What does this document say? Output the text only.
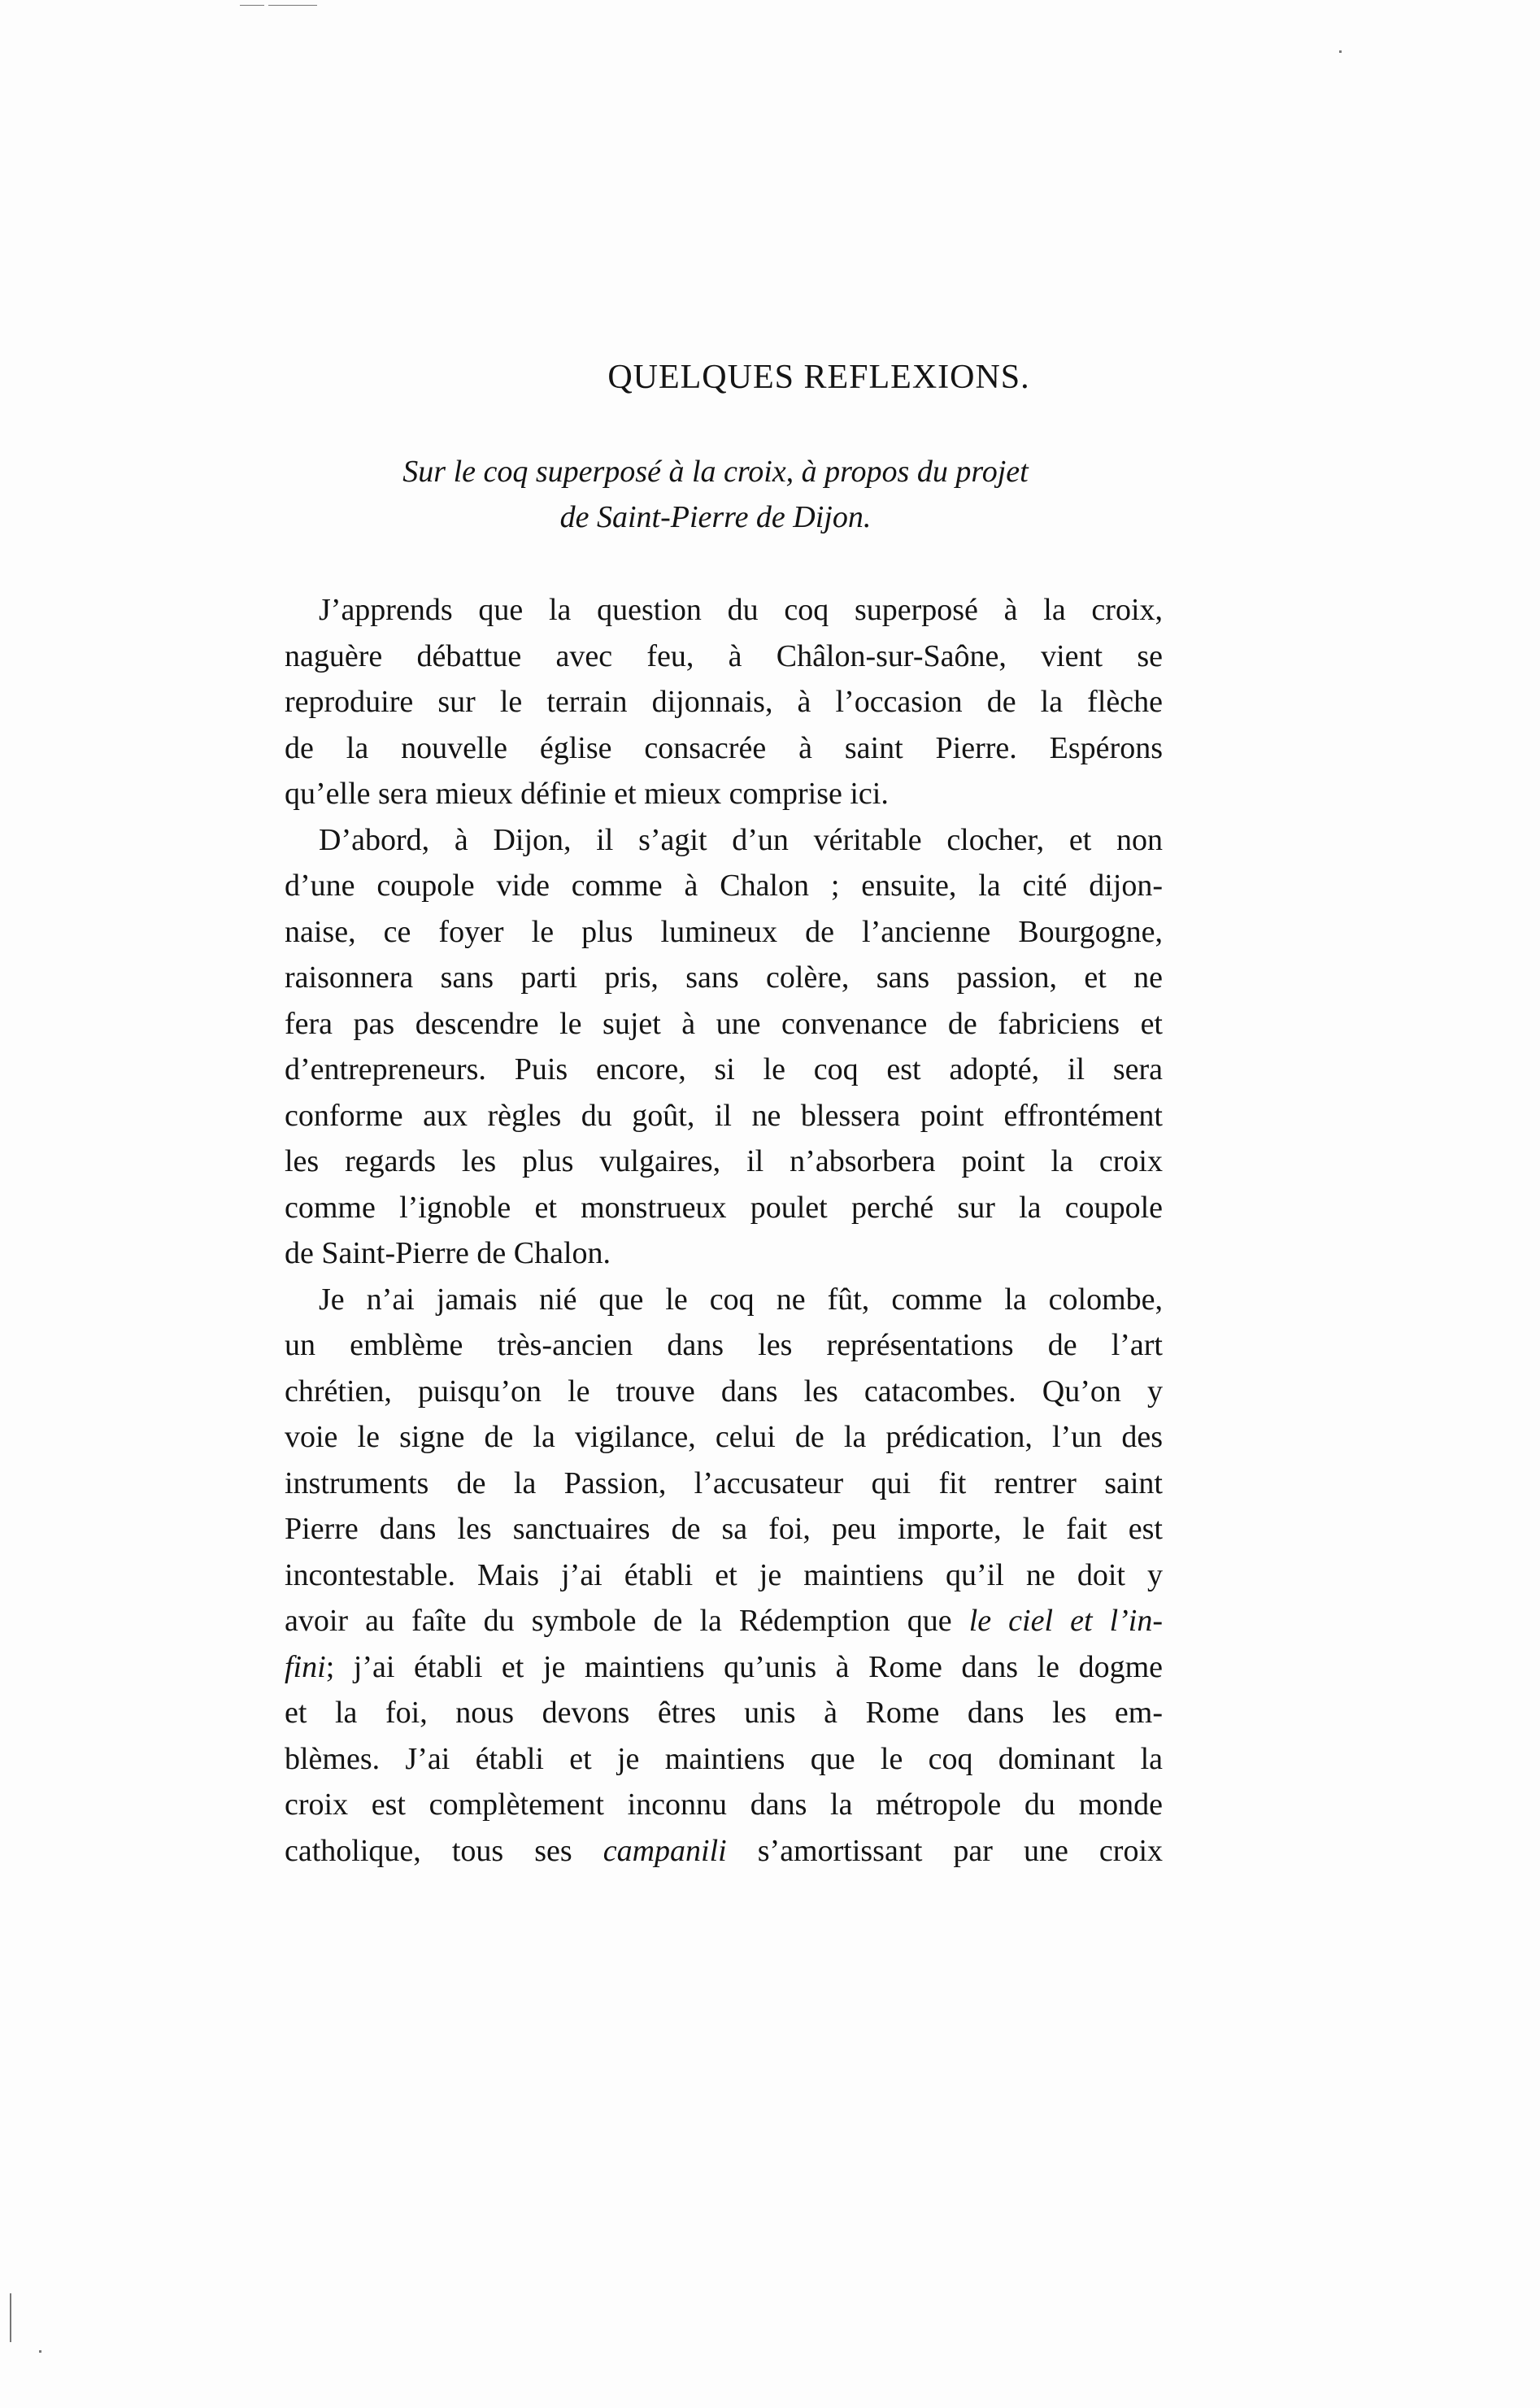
QUELQUES REFLEXIONS.
Sur le coq superposé à la croix, à propos du projet
de Saint-Pierre de Dijon.
J’apprends que la question du coq superposé à la croix,
naguère débattue avec feu, à Châlon-sur-Saône, vient se
reproduire sur le terrain dijonnais, à l’occasion de la flèche
de la nouvelle église consacrée à saint Pierre. Espérons
qu’elle sera mieux définie et mieux comprise ici.
D’abord, à Dijon, il s’agit d’un véritable clocher, et non
d’une coupole vide comme à Chalon ; ensuite, la cité dijon-
naise, ce foyer le plus lumineux de l’ancienne Bourgogne,
raisonnera sans parti pris, sans colère, sans passion, et ne
fera pas descendre le sujet à une convenance de fabriciens et
d’entrepreneurs. Puis encore, si le coq est adopté, il sera
conforme aux règles du goût, il ne blessera point effrontément
les regards les plus vulgaires, il n’absorbera point la croix
comme l’ignoble et monstrueux poulet perché sur la coupole
de Saint-Pierre de Chalon.
Je n’ai jamais nié que le coq ne fût, comme la colombe,
un emblème très-ancien dans les représentations de l’art
chrétien, puisqu’on le trouve dans les catacombes. Qu’on y
voie le signe de la vigilance, celui de la prédication, l’un des
instruments de la Passion, l’accusateur qui fit rentrer saint
Pierre dans les sanctuaires de sa foi, peu importe, le fait est
incontestable. Mais j’ai établi et je maintiens qu’il ne doit y
avoir au faîte du symbole de la Rédemption que le ciel et l’in-
fini; j’ai établi et je maintiens qu’unis à Rome dans le dogme
et la foi, nous devons êtres unis à Rome dans les em-
blèmes. J’ai établi et je maintiens que le coq dominant la
croix est complètement inconnu dans la métropole du monde
catholique, tous ses campanili s’amortissant par une croix
